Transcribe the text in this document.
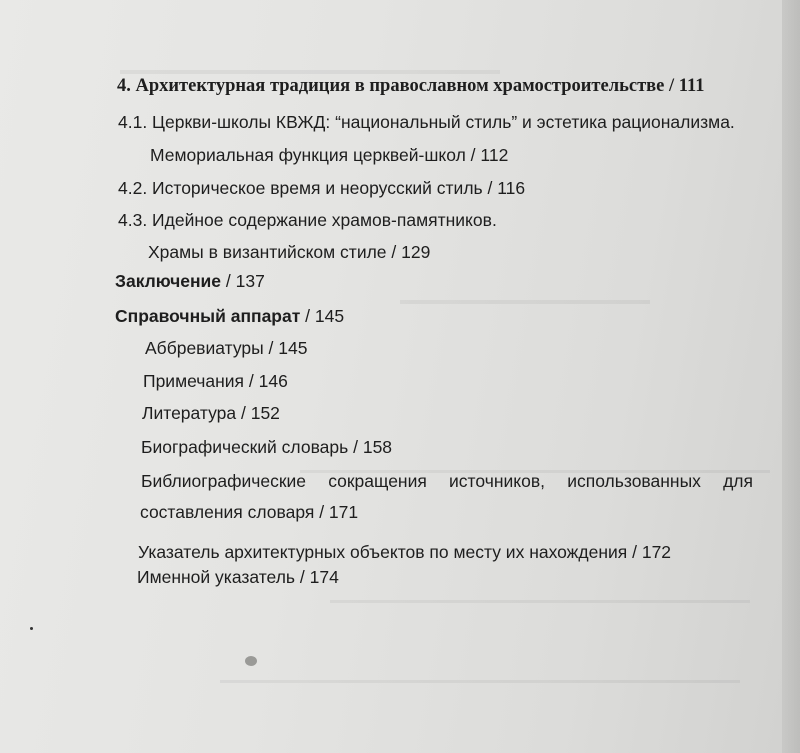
4. Архитектурная традиция в православном храмостроительстве / 111
4.1. Церкви-школы КВЖД: “национальный стиль” и эстетика рационализма.
Мемориальная функция церквей-школ / 112
4.2. Историческое время и неорусский стиль / 116
4.3. Идейное содержание храмов-памятников.
Храмы в византийском стиле / 129
Заключение / 137
Справочный аппарат / 145
Аббревиатуры / 145
Примечания / 146
Литература / 152
Биографический словарь / 158
Библиографические сокращения источников, использованных для
составления словаря / 171
Указатель архитектурных объектов по месту их нахождения / 172
Именной указатель / 174
